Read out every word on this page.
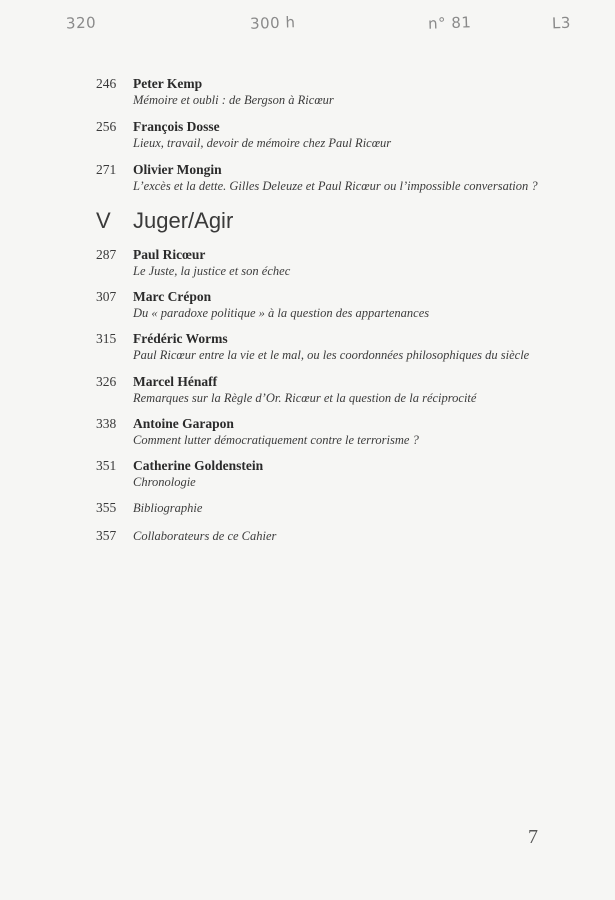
320	300 h	n° 81	L3
246	Peter Kemp
Mémoire et oubli : de Bergson à Ricœur
256	François Dosse
Lieux, travail, devoir de mémoire chez Paul Ricœur
271	Olivier Mongin
L’excès et la dette. Gilles Deleuze et Paul Ricœur ou l’impossible conversation ?
V Juger/Agir
287	Paul Ricœur
Le Juste, la justice et son échec
307	Marc Crépon
Du « paradoxe politique » à la question des appartenances
315	Frédéric Worms
Paul Ricœur entre la vie et le mal, ou les coordonnées philosophiques du siècle
326	Marcel Hénaff
Remarques sur la Règle d’Or. Ricœur et la question de la réciprocité
338	Antoine Garapon
Comment lutter démocratiquement contre le terrorisme ?
351	Catherine Goldenstein
Chronologie
355	Bibliographie
357	Collaborateurs de ce Cahier
7
